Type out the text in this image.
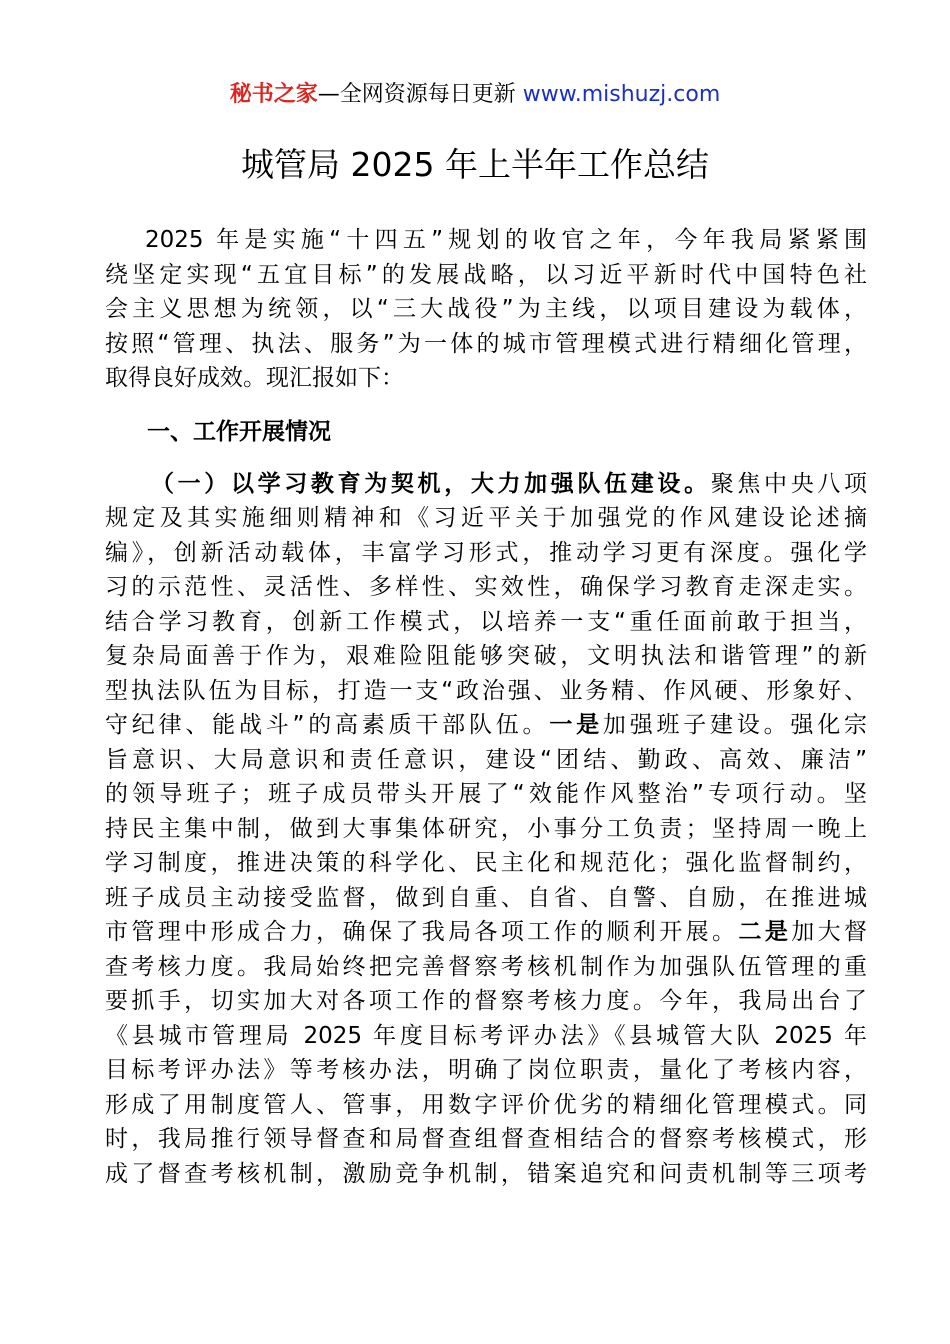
秘书之家—全网资源每日更新 www.mishuzj.com
城管局 2025 年上半年工作总结
2025 年是实施“十四五”规划的收官之年，今年我局紧紧围
绕坚定实现“五宜目标”的发展战略，以习近平新时代中国特色社
会主义思想为统领，以“三大战役”为主线，以项目建设为载体，
按照“管理、执法、服务”为一体的城市管理模式进行精细化管理，
取得良好成效。现汇报如下：
一、工作开展情况
（一）以学习教育为契机，大力加强队伍建设。聚焦中央八项
规定及其实施细则精神和《习近平关于加强党的作风建设论述摘
编》，创新活动载体，丰富学习形式，推动学习更有深度。强化学
习的示范性、灵活性、多样性、实效性，确保学习教育走深走实。
结合学习教育，创新工作模式，以培养一支“重任面前敢于担当，
复杂局面善于作为，艰难险阻能够突破，文明执法和谐管理”的新
型执法队伍为目标，打造一支“政治强、业务精、作风硬、形象好、
守纪律、能战斗”的高素质干部队伍。一是加强班子建设。强化宗
旨意识、大局意识和责任意识，建设“团结、勤政、高效、廉洁”
的领导班子；班子成员带头开展了“效能作风整治”专项行动。坚
持民主集中制，做到大事集体研究，小事分工负责；坚持周一晚上
学习制度，推进决策的科学化、民主化和规范化；强化监督制约，
班子成员主动接受监督，做到自重、自省、自警、自励，在推进城
市管理中形成合力，确保了我局各项工作的顺利开展。二是加大督
查考核力度。我局始终把完善督察考核机制作为加强队伍管理的重
要抓手，切实加大对各项工作的督察考核力度。今年，我局出台了
《县城市管理局 2025 年度目标考评办法》《县城管大队 2025 年
目标考评办法》等考核办法，明确了岗位职责，量化了考核内容，
形成了用制度管人、管事，用数字评价优劣的精细化管理模式。同
时，我局推行领导督查和局督查组督查相结合的督察考核模式，形
成了督查考核机制，激励竞争机制，错案追究和问责机制等三项考
